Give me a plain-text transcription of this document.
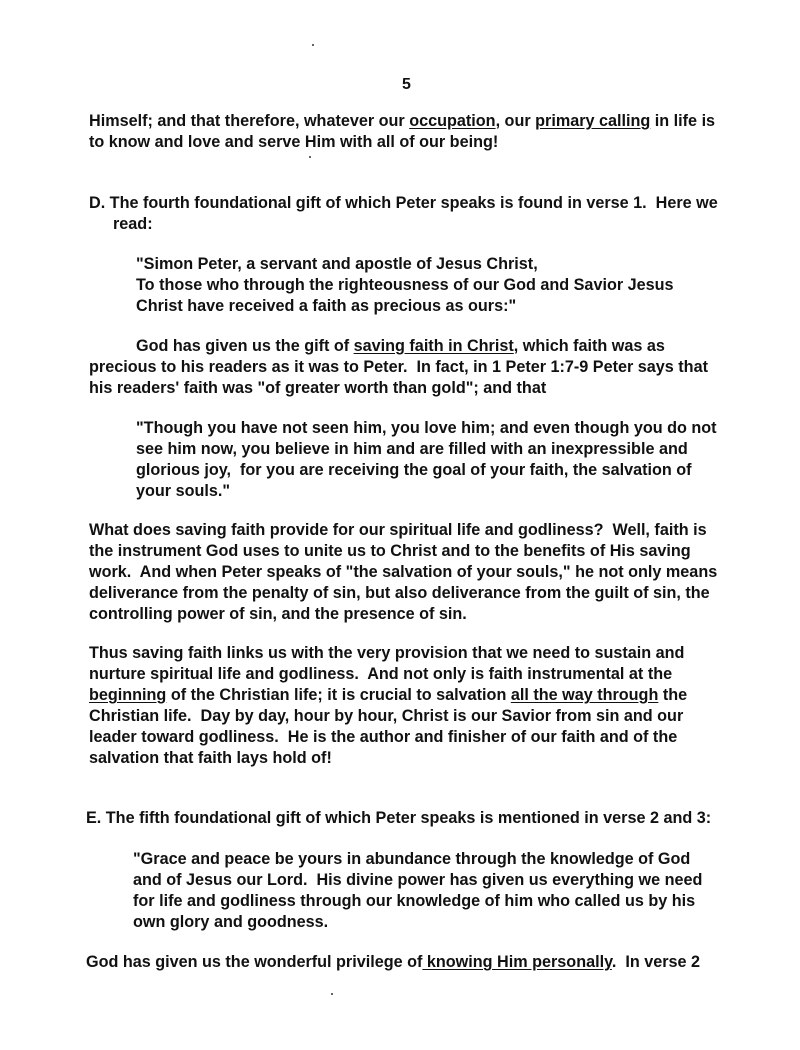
5
Himself; and that therefore, whatever our occupation, our primary calling in life is
to know and love and serve Him with all of our being!
D. The fourth foundational gift of which Peter speaks is found in verse 1.  Here we
read:
"Simon Peter, a servant and apostle of Jesus Christ,
To those who through the righteousness of our God and Savior Jesus
Christ have received a faith as precious as ours:"
God has given us the gift of saving faith in Christ, which faith was as
precious to his readers as it was to Peter.  In fact, in 1 Peter 1:7-9 Peter says that
his readers' faith was "of greater worth than gold"; and that
"Though you have not seen him, you love him; and even though you do not
see him now, you believe in him and are filled with an inexpressible and
glorious joy,  for you are receiving the goal of your faith, the salvation of
your souls."
What does saving faith provide for our spiritual life and godliness?  Well, faith is
the instrument God uses to unite us to Christ and to the benefits of His saving
work.  And when Peter speaks of "the salvation of your souls," he not only means
deliverance from the penalty of sin, but also deliverance from the guilt of sin, the
controlling power of sin, and the presence of sin.
Thus saving faith links us with the very provision that we need to sustain and
nurture spiritual life and godliness.  And not only is faith instrumental at the
beginning of the Christian life; it is crucial to salvation all the way through the
Christian life.  Day by day, hour by hour, Christ is our Savior from sin and our
leader toward godliness.  He is the author and finisher of our faith and of the
salvation that faith lays hold of!
E. The fifth foundational gift of which Peter speaks is mentioned in verse 2 and 3:
"Grace and peace be yours in abundance through the knowledge of God
and of Jesus our Lord.  His divine power has given us everything we need
for life and godliness through our knowledge of him who called us by his
own glory and goodness.
God has given us the wonderful privilege of knowing Him personally.  In verse 2
